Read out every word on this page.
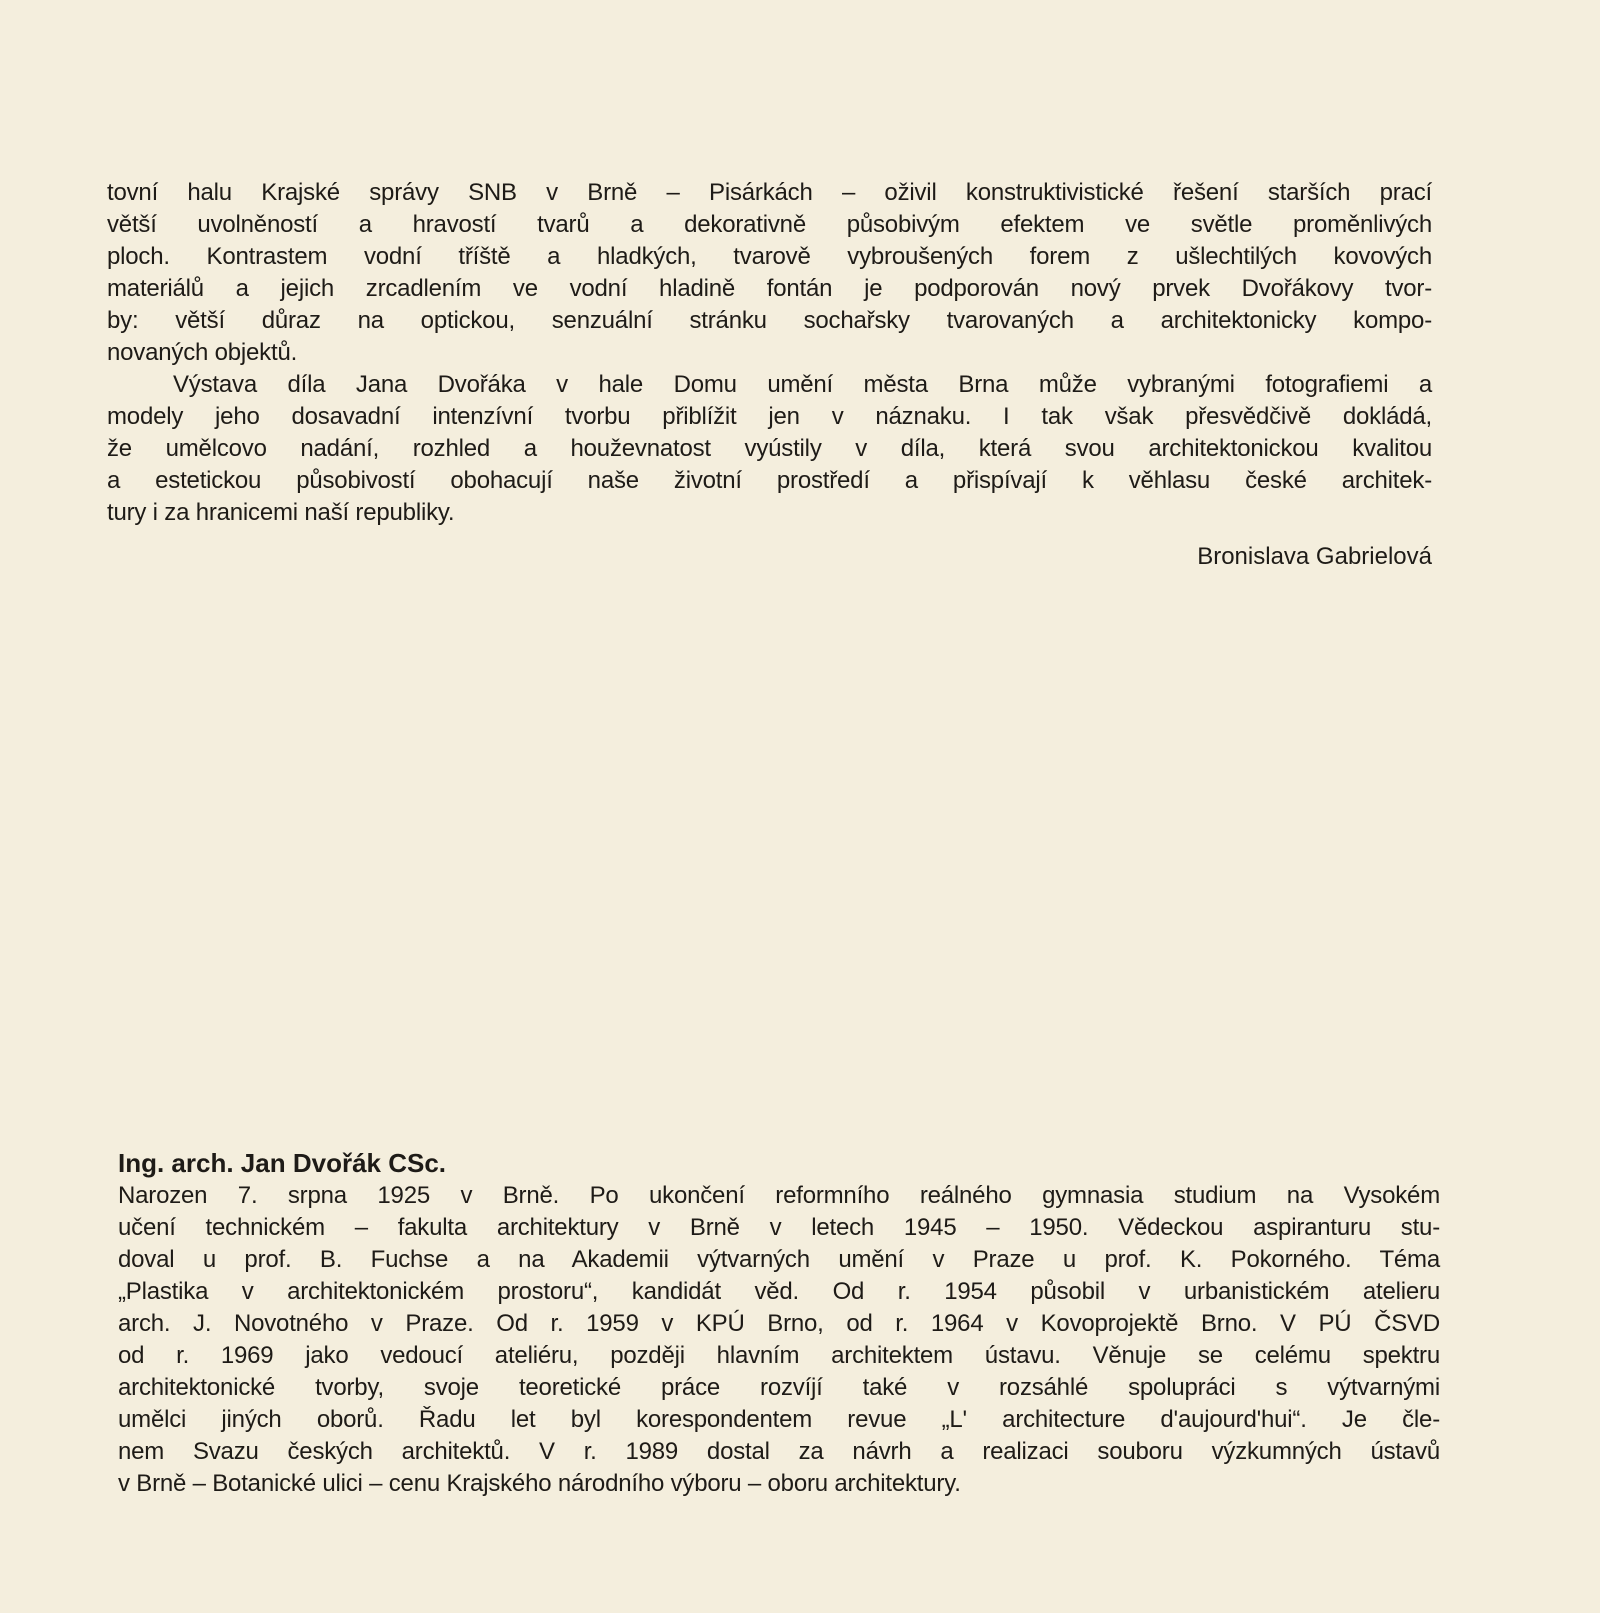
tovní halu Krajské správy SNB v Brně – Pisárkách – oživil konstruktivistické řešení starších prací
větší uvolněností a hravostí tvarů a dekorativně působivým efektem ve světle proměnlivých
ploch. Kontrastem vodní tříště a hladkých, tvarově vybroušených forem z ušlechtilých kovových
materiálů a jejich zrcadlením ve vodní hladině fontán je podporován nový prvek Dvořákovy tvor-
by: větší důraz na optickou, senzuální stránku sochařsky tvarovaných a architektonicky kompo-
novaných objektů.
Výstava díla Jana Dvořáka v hale Domu umění města Brna může vybranými fotografiemi a
modely jeho dosavadní intenzívní tvorbu přiblížit jen v náznaku. I tak však přesvědčivě dokládá,
že umělcovo nadání, rozhled a houževnatost vyústily v díla, která svou architektonickou kvalitou
a estetickou působivostí obohacují naše životní prostředí a přispívají k věhlasu české architek-
tury i za hranicemi naší republiky.
Bronislava Gabrielová
Ing. arch. Jan Dvořák CSc.
Narozen 7. srpna 1925 v Brně. Po ukončení reformního reálného gymnasia studium na Vysokém
učení technickém – fakulta architektury v Brně v letech 1945 – 1950. Vědeckou aspiranturu stu-
doval u prof. B. Fuchse a na Akademii výtvarných umění v Praze u prof. K. Pokorného. Téma
„Plastika v architektonickém prostoru“, kandidát věd. Od r. 1954 působil v urbanistickém atelieru
arch. J. Novotného v Praze. Od r. 1959 v KPÚ Brno, od r. 1964 v Kovoprojektě Brno. V PÚ ČSVD
od r. 1969 jako vedoucí ateliéru, později hlavním architektem ústavu. Věnuje se celému spektru
architektonické tvorby, svoje teoretické práce rozvíjí také v rozsáhlé spolupráci s výtvarnými
umělci jiných oborů. Řadu let byl korespondentem revue „L' architecture d'aujourd'hui“. Je čle-
nem Svazu českých architektů. V r. 1989 dostal za návrh a realizaci souboru výzkumných ústavů
v Brně – Botanické ulici – cenu Krajského národního výboru – oboru architektury.
